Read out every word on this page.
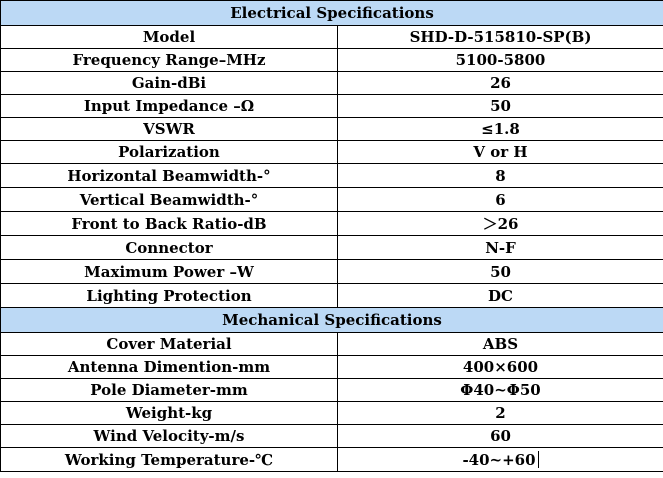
Electrical Specifications	
Model	SHD-D-515810-SP(B)
Frequency Range–MHz	5100-5800
Gain-dBi	26
Input Impedance –Ω	50
VSWR	≤1.8
Polarization	V or H
Horizontal Beamwidth-°	8
Vertical Beamwidth-°	6
Front to Back Ratio-dB	＞26
Connector	N-F
Maximum Power –W	50
Lighting Protection	DC
Mechanical Specifications	
Cover Material	ABS
Antenna Dimention-mm	400×600
Pole Diameter-mm	Φ40~Φ50
Weight-kg	2
Wind Velocity-m/s	60
Working Temperature-℃	-40~+60
